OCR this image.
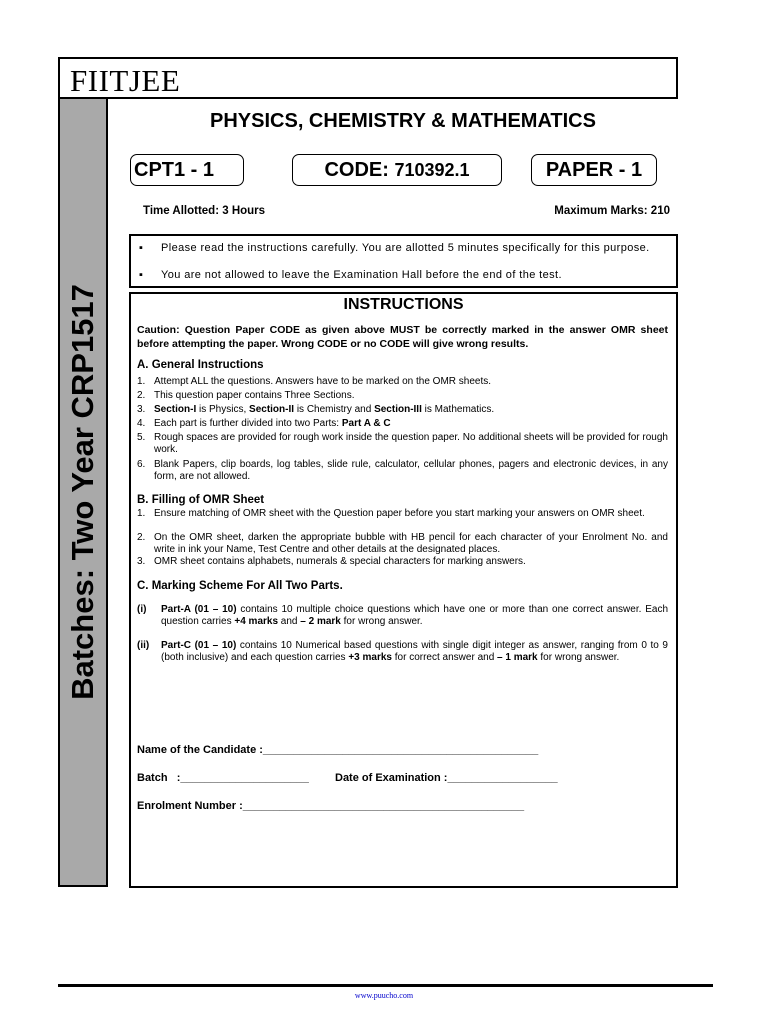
FIITJEE
Batches: Two Year CRP1517
PHYSICS, CHEMISTRY & MATHEMATICS
CPT1 - 1	CODE: 710392.1	PAPER - 1
Time Allotted: 3 Hours	Maximum Marks: 210
▪ Please read the instructions carefully. You are allotted 5 minutes specifically for this purpose.
▪ You are not allowed to leave the Examination Hall before the end of the test.
INSTRUCTIONS
Caution: Question Paper CODE as given above MUST be correctly marked in the answer OMR sheet before attempting the paper. Wrong CODE or no CODE will give wrong results.
A. General Instructions
1. Attempt ALL the questions. Answers have to be marked on the OMR sheets.
2. This question paper contains Three Sections.
3. Section-I is Physics, Section-II is Chemistry and Section-III is Mathematics.
4. Each part is further divided into two Parts: Part A & C
5. Rough spaces are provided for rough work inside the question paper. No additional sheets will be provided for rough work.
6. Blank Papers, clip boards, log tables, slide rule, calculator, cellular phones, pagers and electronic devices, in any form, are not allowed.
B. Filling of OMR Sheet
1. Ensure matching of OMR sheet with the Question paper before you start marking your answers on OMR sheet.
2. On the OMR sheet, darken the appropriate bubble with HB pencil for each character of your Enrolment No. and write in ink your Name, Test Centre and other details at the designated places.
3. OMR sheet contains alphabets, numerals & special characters for marking answers.
C. Marking Scheme For All Two Parts.
(i) Part-A (01 – 10) contains 10 multiple choice questions which have one or more than one correct answer. Each question carries +4 marks and – 2 mark for wrong answer.
(ii) Part-C (01 – 10) contains 10 Numerical based questions with single digit integer as answer, ranging from 0 to 9 (both inclusive) and each question carries +3 marks for correct answer and – 1 mark for wrong answer.
Name of the Candidate :_____________________________________________
Batch   :_____________________ Date of Examination :__________________
Enrolment Number :______________________________________________
www.puucho.com
